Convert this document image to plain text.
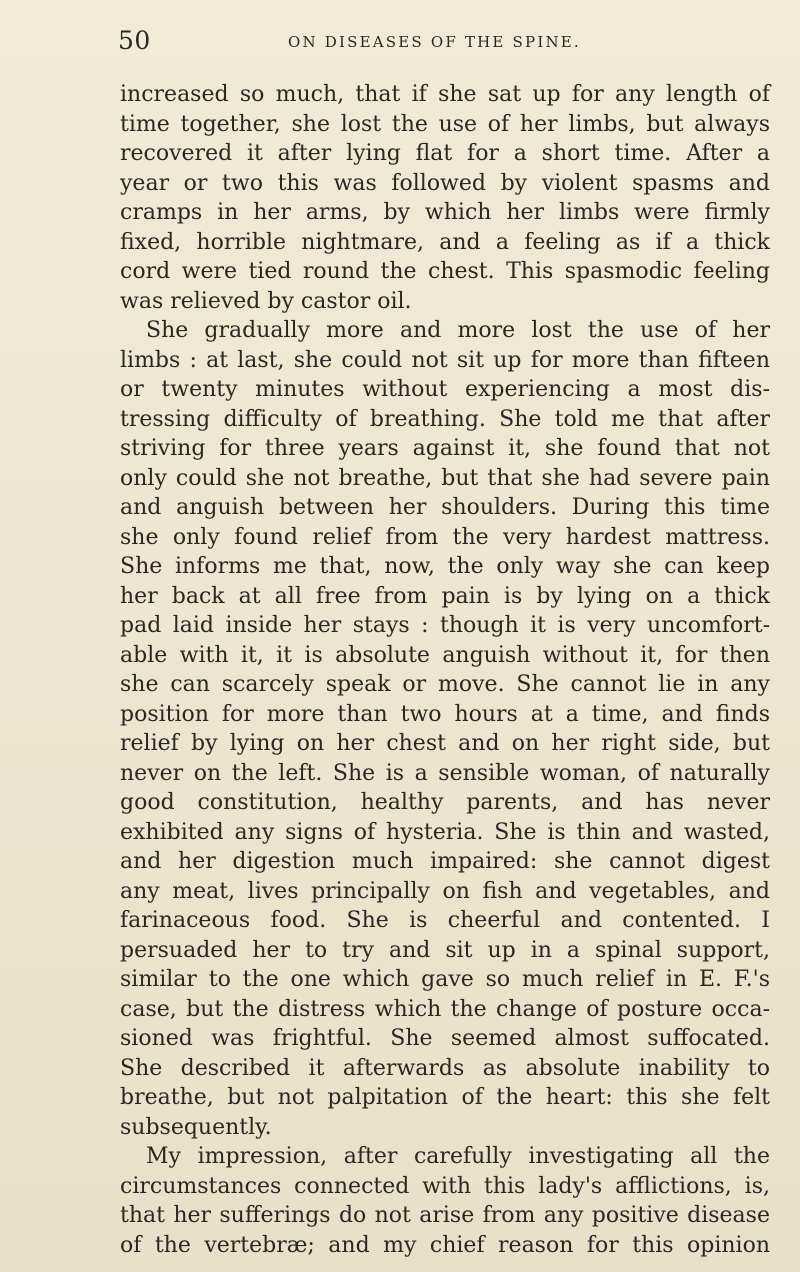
50	ON DISEASES OF THE SPINE.
increased so much, that if she sat up for any length of
time together, she lost the use of her limbs, but always
recovered it after lying flat for a short time. After a
year or two this was followed by violent spasms and
cramps in her arms, by which her limbs were firmly
fixed, horrible nightmare, and a feeling as if a thick
cord were tied round the chest. This spasmodic feeling
was relieved by castor oil.
She gradually more and more lost the use of her
limbs : at last, she could not sit up for more than fifteen
or twenty minutes without experiencing a most dis-
tressing difficulty of breathing. She told me that after
striving for three years against it, she found that not
only could she not breathe, but that she had severe pain
and anguish between her shoulders. During this time
she only found relief from the very hardest mattress.
She informs me that, now, the only way she can keep
her back at all free from pain is by lying on a thick
pad laid inside her stays : though it is very uncomfort-
able with it, it is absolute anguish without it, for then
she can scarcely speak or move. She cannot lie in any
position for more than two hours at a time, and finds
relief by lying on her chest and on her right side, but
never on the left. She is a sensible woman, of naturally
good constitution, healthy parents, and has never
exhibited any signs of hysteria. She is thin and wasted,
and her digestion much impaired: she cannot digest
any meat, lives principally on fish and vegetables, and
farinaceous food. She is cheerful and contented. I
persuaded her to try and sit up in a spinal support,
similar to the one which gave so much relief in E. F.'s
case, but the distress which the change of posture occa-
sioned was frightful. She seemed almost suffocated.
She described it afterwards as absolute inability to
breathe, but not palpitation of the heart: this she felt
subsequently.
My impression, after carefully investigating all the
circumstances connected with this lady's afflictions, is,
that her sufferings do not arise from any positive disease
of the vertebræ; and my chief reason for this opinion
